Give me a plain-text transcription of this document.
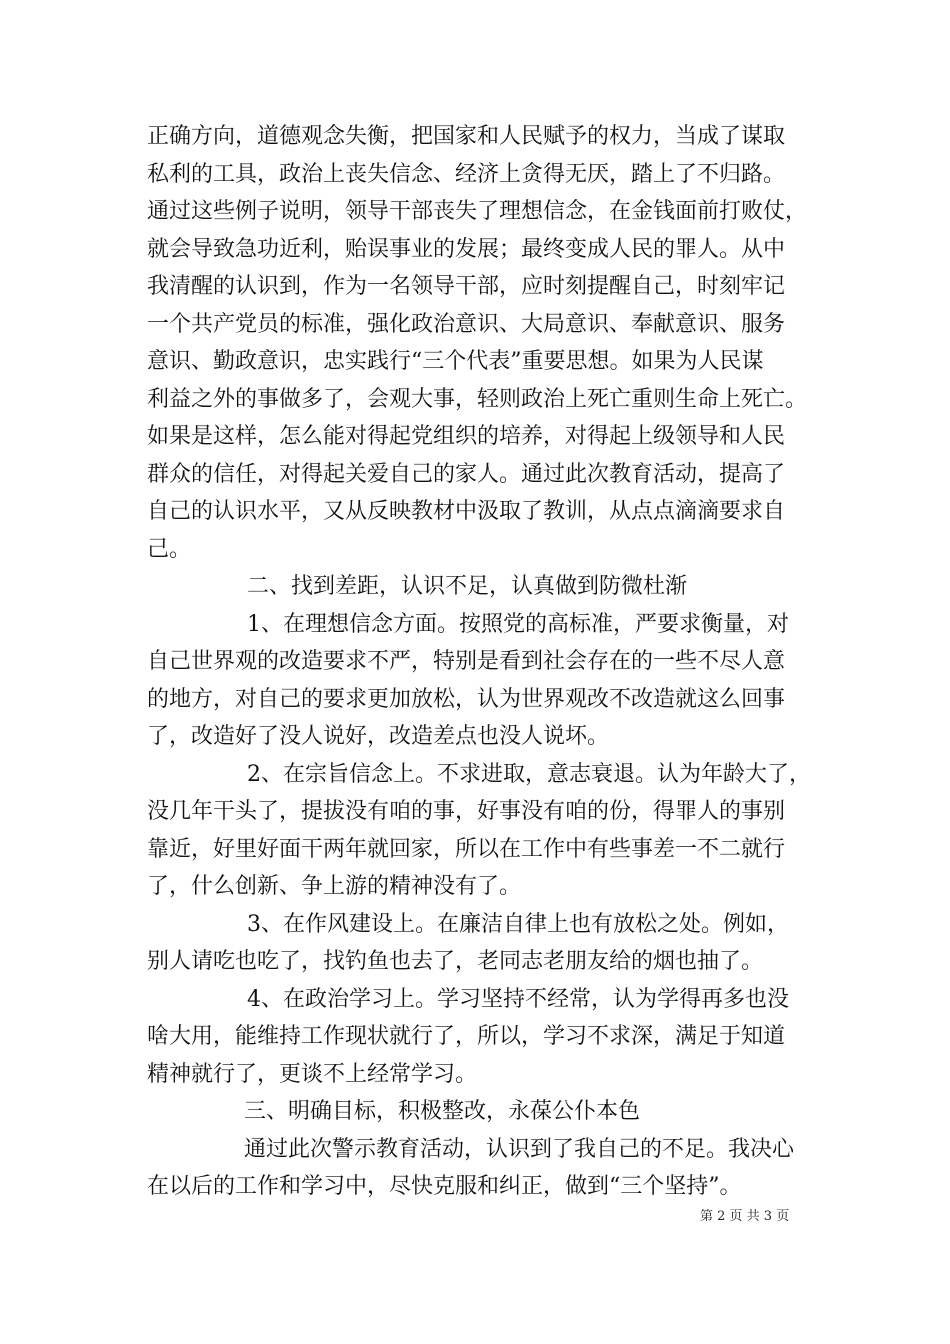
正确方向，道德观念失衡，把国家和人民赋予的权力，当成了谋取
私利的工具，政治上丧失信念、经济上贪得无厌，踏上了不归路。
通过这些例子说明，领导干部丧失了理想信念，在金钱面前打败仗，
就会导致急功近利，贻误事业的发展；最终变成人民的罪人。从中
我清醒的认识到，作为一名领导干部，应时刻提醒自己，时刻牢记
一个共产党员的标准，强化政治意识、大局意识、奉献意识、服务
意识、勤政意识，忠实践行“三个代表”重要思想。如果为人民谋
利益之外的事做多了，会观大事，轻则政治上死亡重则生命上死亡。
如果是这样，怎么能对得起党组织的培养，对得起上级领导和人民
群众的信任，对得起关爱自己的家人。通过此次教育活动，提高了
自己的认识水平，又从反映教材中汲取了教训，从点点滴滴要求自
己。
二、找到差距，认识不足，认真做到防微杜渐
1、在理想信念方面。按照党的高标准，严要求衡量，对
自己世界观的改造要求不严，特别是看到社会存在的一些不尽人意
的地方，对自己的要求更加放松，认为世界观改不改造就这么回事
了，改造好了没人说好，改造差点也没人说坏。
2、在宗旨信念上。不求进取，意志衰退。认为年龄大了，
没几年干头了，提拔没有咱的事，好事没有咱的份，得罪人的事别
靠近，好里好面干两年就回家，所以在工作中有些事差一不二就行
了，什么创新、争上游的精神没有了。
3、在作风建设上。在廉洁自律上也有放松之处。例如，
别人请吃也吃了，找钓鱼也去了，老同志老朋友给的烟也抽了。
4、在政治学习上。学习坚持不经常，认为学得再多也没
啥大用，能维持工作现状就行了，所以，学习不求深，满足于知道
精神就行了，更谈不上经常学习。
三、明确目标，积极整改，永葆公仆本色
通过此次警示教育活动，认识到了我自己的不足。我决心
在以后的工作和学习中，尽快克服和纠正，做到“三个坚持”。
第 2 页 共 3 页
